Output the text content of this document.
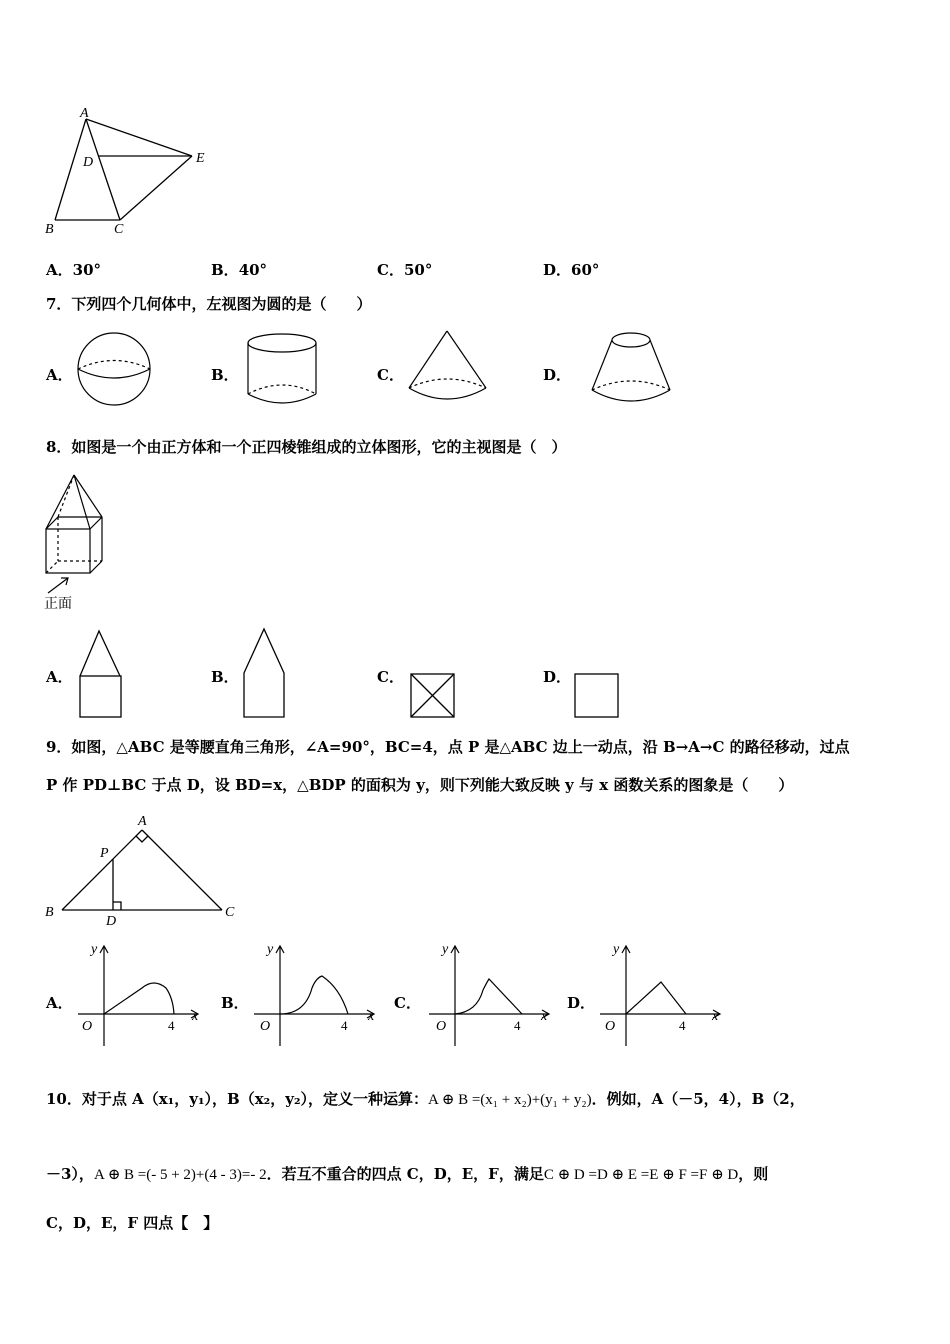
A
D	E
B	C
A．30°	B．40°	C．50°	D．60°
7．下列四个几何体中，左视图为圆的是（　　）
A．	B．	C．	D．
8．如图是一个由正方体和一个正四棱锥组成的立体图形，它的主视图是（　）
正面
A．	B．	C．	D．
9．如图，△ABC 是等腰直角三角形，∠A=90°，BC=4，点 P 是△ABC 边上一动点，沿 B→A→C 的路径移动，过点
P 作 PD⊥BC 于点 D，设 BD=x，△BDP 的面积为 y，则下列能大致反映 y 与 x 函数关系的图象是（　　）
A
P
B
D
C
A．
y
x
O	4
B．
y
x
O	4
C．
y
x
O	4
D．
y
x
O	4
10．对于点 A（x₁，y₁），B（x₂，y₂），定义一种运算：A ⊕ B =(x₁ + x₂)+(y₁ + y₂)．例如，A（－5，4），B（2，
－3），A ⊕ B =(- 5 + 2)+(4 - 3)=- 2．若互不重合的四点 C，D，E，F，满足C ⊕ D =D ⊕ E =E ⊕ F =F ⊕ D，则
C，D，E，F 四点【　】
